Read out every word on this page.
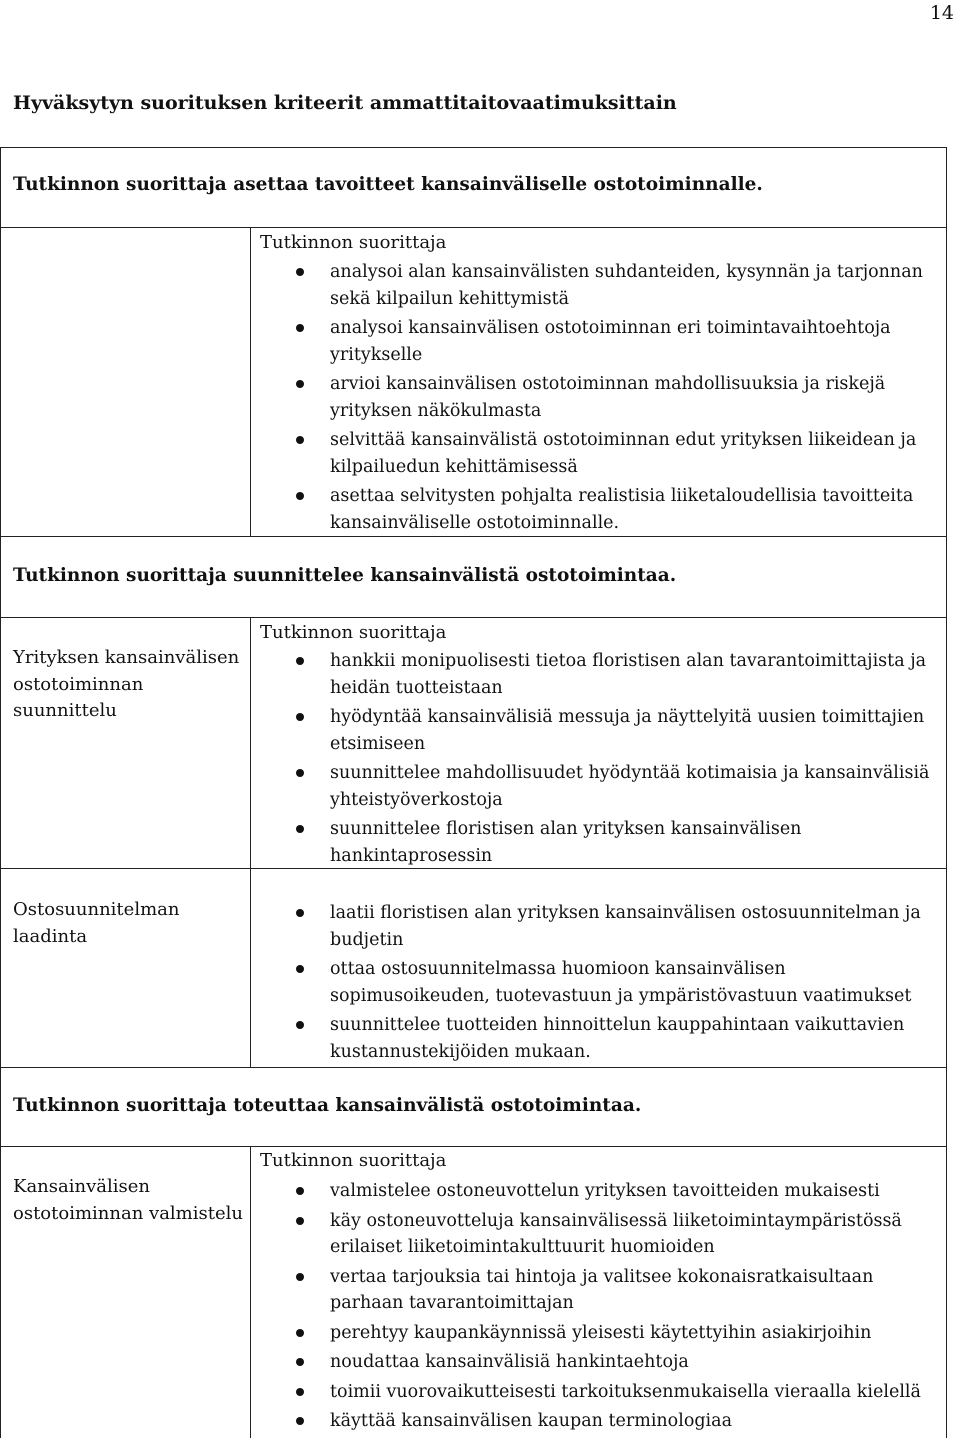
14
Hyväksytyn suorituksen kriteerit ammattitaitovaatimuksittain
Tutkinnon suorittaja asettaa tavoitteet kansainväliselle ostotoiminnalle.
Tutkinnon suorittaja
analysoi alan kansainvälisten suhdanteiden, kysynnän ja tarjonnan sekä kilpailun kehittymistä
analysoi kansainvälisen ostotoiminnan eri toimintavaihtoehtoja yritykselle
arvioi kansainvälisen ostotoiminnan mahdollisuuksia ja riskejä yrityksen näkökulmasta
selvittää kansainvälistä ostotoiminnan edut yrityksen liikeidean ja kilpailuedun kehittämisessä
asettaa selvitysten pohjalta realistisia liiketaloudellisia tavoitteita kansainväliselle ostotoiminnalle.
Tutkinnon suorittaja suunnittelee kansainvälistä ostotoimintaa.
Yrityksen kansainvälisen ostotoiminnan suunnittelu
Tutkinnon suorittaja
hankkii monipuolisesti tietoa floristisen alan tavarantoimittajista ja heidän tuotteistaan
hyödyntää kansainvälisiä messuja ja näyttelyitä uusien toimittajien etsimiseen
suunnittelee mahdollisuudet hyödyntää kotimaisia ja kansainvälisiä yhteistyöverkostoja
suunnittelee floristisen alan yrityksen kansainvälisen hankintaprosessin
Ostosuunnitelman laadinta
laatii floristisen alan yrityksen kansainvälisen ostosuunnitelman ja budjetin
ottaa ostosuunnitelmassa huomioon kansainvälisen sopimusoikeuden, tuotevastuun ja ympäristövastuun vaatimukset
suunnittelee tuotteiden hinnoittelun kauppahintaan vaikuttavien kustannustekijöiden mukaan.
Tutkinnon suorittaja toteuttaa kansainvälistä ostotoimintaa.
Kansainvälisen ostotoiminnan valmistelu
Tutkinnon suorittaja
valmistelee ostoneuvottelun yrityksen tavoitteiden mukaisesti
käy ostoneuvotteluja kansainvälisessä liiketoimintaympäristössä erilaiset liiketoimintakulttuurit huomioiden
vertaa tarjouksia tai hintoja ja valitsee kokonaisratkaisultaan parhaan tavarantoimittajan
perehtyy kaupankäynnissä yleisesti käytettyihin asiakirjoihin
noudattaa kansainvälisiä hankintaehtoja
toimii vuorovaikutteisesti tarkoituksenmukaisella vieraalla kielellä
käyttää kansainvälisen kaupan terminologiaa
